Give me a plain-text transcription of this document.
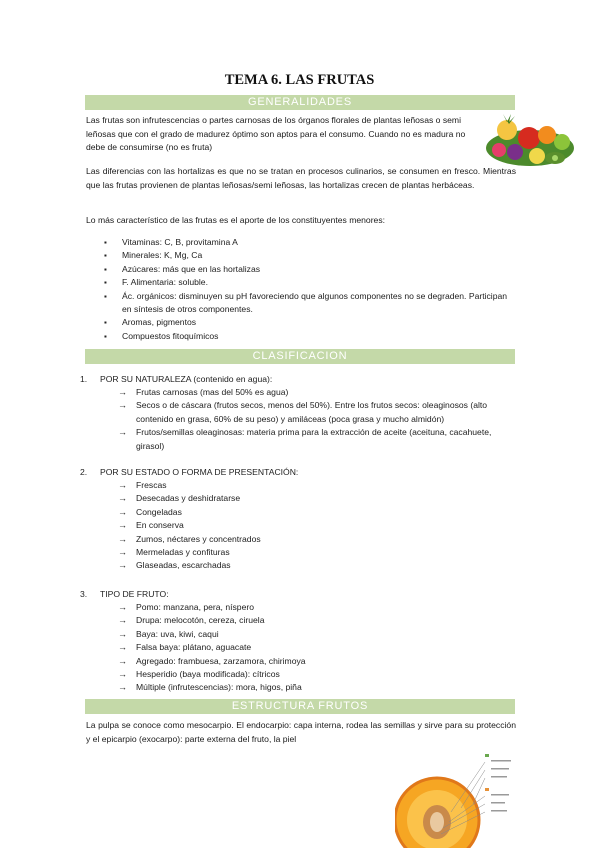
TEMA 6. LAS FRUTAS
GENERALIDADES
Las frutas son infrutescencias o partes carnosas de los órganos florales de plantas leñosas o semi leñosas que con el grado de madurez óptimo son aptos para el consumo. Cuando no es madura no debe de consumirse (no es fruta)
Las diferencias con las hortalizas es que no se tratan en procesos culinarios, se consumen en fresco. Mientras que las frutas provienen de plantas leñosas/semi leñosas, las hortalizas crecen de plantas herbáceas.
Lo más característico de las frutas es el aporte de los constituyentes menores:
▪ Vitaminas: C, B, provitamina A
▪ Minerales: K, Mg, Ca
▪ Azúcares: más que en las hortalizas
▪ F. Alimentaria: soluble.
▪ Ác. orgánicos: disminuyen su pH favoreciendo que algunos componentes no se degraden. Participan en síntesis de otros componentes.
▪ Aromas, pigmentos
▪ Compuestos fitoquímicos
CLASIFICACION
1. POR SU NATURALEZA (contenido en agua):
→ Frutas carnosas (mas del 50% es agua)
→ Secos o de cáscara (frutos secos, menos del 50%). Entre los frutos secos: oleaginosos (alto contenido en grasa, 60% de su peso) y amiláceas (poca grasa y mucho almidón)
→ Frutos/semillas oleaginosas: materia prima para la extracción de aceite (aceituna, cacahuete, girasol)
2. POR SU ESTADO O FORMA DE PRESENTACIÓN:
→ Frescas
→ Desecadas y deshidratarse
→ Congeladas
→ En conserva
→ Zumos, néctares y concentrados
→ Mermeladas y confituras
→ Glaseadas, escarchadas
3. TIPO DE FRUTO:
→ Pomo: manzana, pera, níspero
→ Drupa: melocotón, cereza, ciruela
→ Baya: uva, kiwi, caqui
→ Falsa baya: plátano, aguacate
→ Agregado: frambuesa, zarzamora, chirimoya
→ Hesperidio (baya modificada): cítricos
→ Múltiple (infrutescencias): mora, higos, piña
ESTRUCTURA FRUTOS
La pulpa se conoce como mesocarpio. El endocarpio: capa interna, rodea las semillas y sirve para su protección y el epicarpio (exocarpo): parte externa del fruto, la piel
